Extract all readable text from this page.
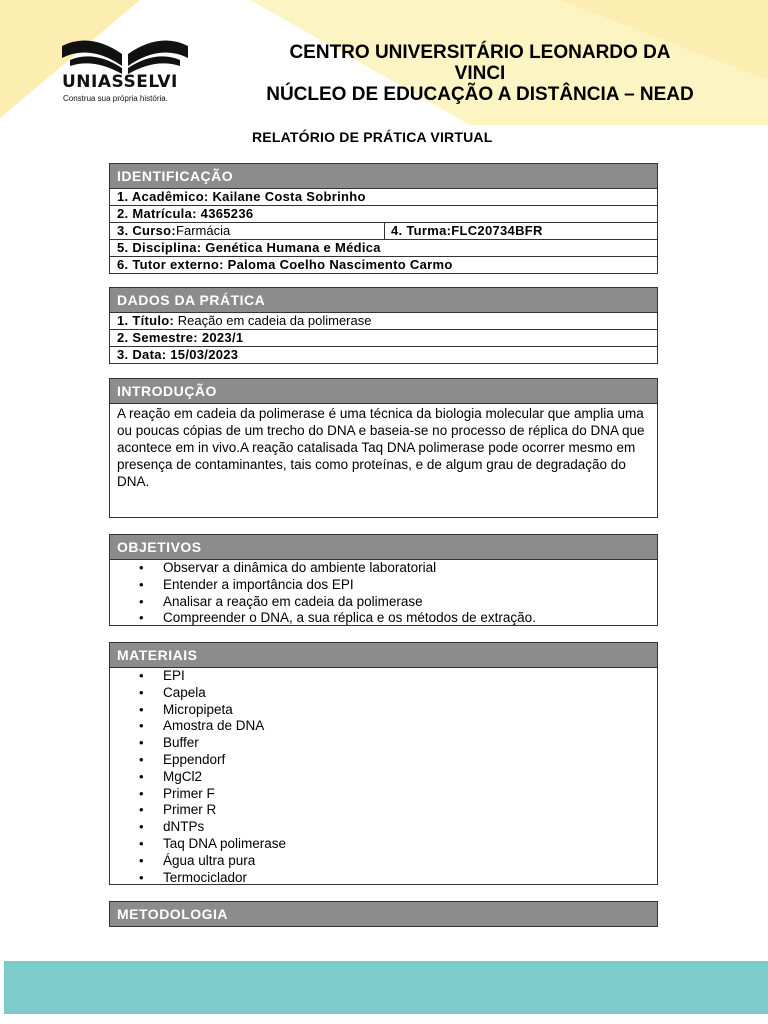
UNIASSELVI
Construa sua própria história.
CENTRO UNIVERSITÁRIO LEONARDO DA VINCI
NÚCLEO DE EDUCAÇÃO A DISTÂNCIA – NEAD
RELATÓRIO DE PRÁTICA VIRTUAL
IDENTIFICAÇÃO
1. Acadêmico: Kailane Costa Sobrinho
2. Matrícula: 4365236
3. Curso:Farmácia	4. Turma:FLC20734BFR
5. Disciplina: Genética Humana e Médica
6. Tutor externo: Paloma Coelho Nascimento Carmo
DADOS DA PRÁTICA
1. Título: Reação em cadeia da polimerase
2. Semestre: 2023/1
3. Data: 15/03/2023
INTRODUÇÃO
A reação em cadeia da polimerase é uma técnica da biologia molecular que ampliа uma ou poucas cópias de um trecho do DNA e baseia-se no processo de réplica do DNA que acontece em in vivo.A reação catalisada Taq DNA polimerase pode ocorrer mesmo em presença de contaminantes, tais como proteínas, e de algum grau de degradação do DNA.
OBJETIVOS
• Observar a dinâmica do ambiente laboratorial
• Entender a importância dos EPI
• Analisar a reação em cadeia da polimerase
• Compreender o DNA, a sua réplica e os métodos de extração.
MATERIAIS
• EPI
• Capela
• Micropipeta
• Amostra de DNA
• Buffer
• Eppendorf
• MgCl2
• Primer F
• Primer R
• dNTPs
• Taq DNA polimerase
• Água ultra pura
• Termociclador
METODOLOGIA
